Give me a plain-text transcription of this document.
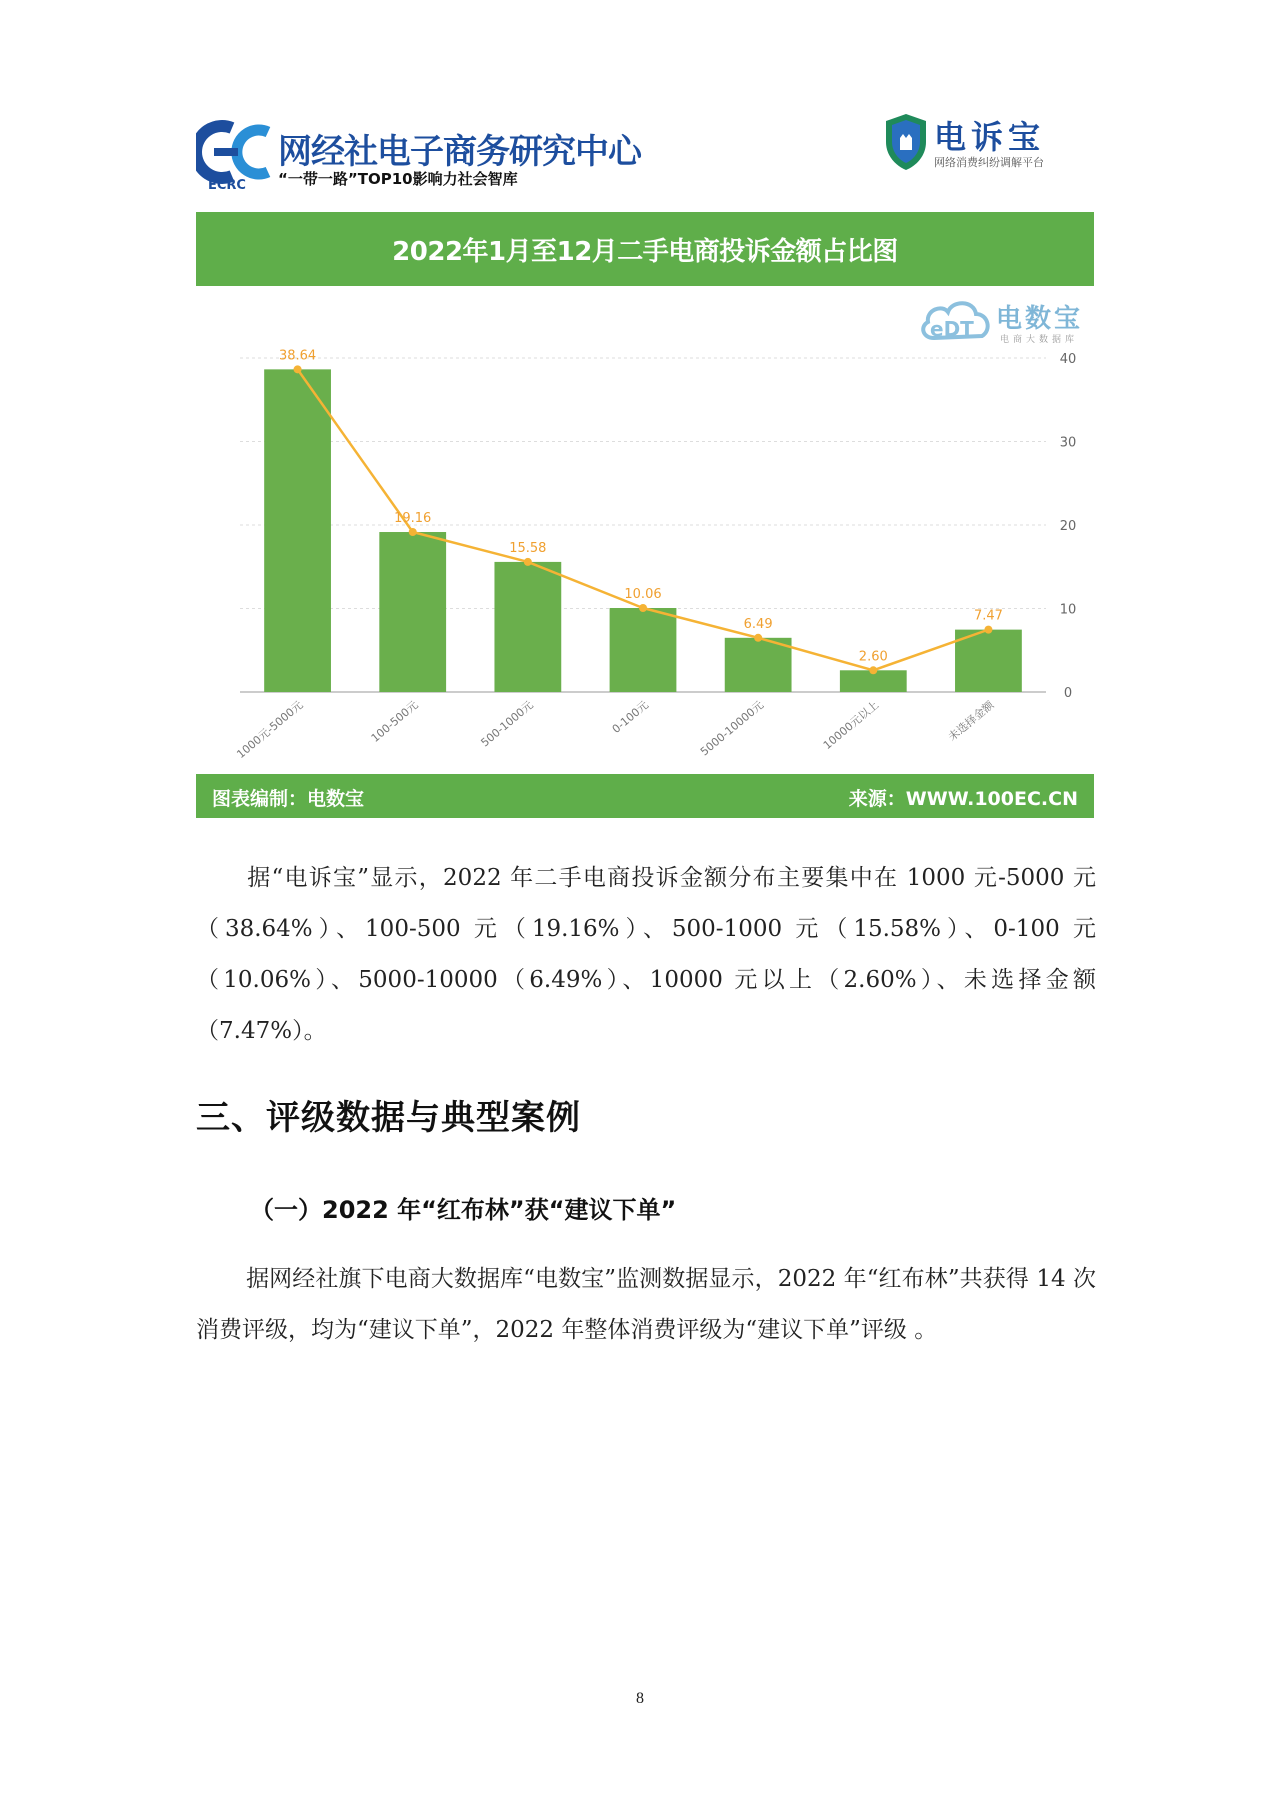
ECRC
网经社电子商务研究中心
“一带一路”TOP10影响力社会智库
电诉宝
网络消费纠纷调解平台
2022年1月至12月二手电商投诉金额占比图
eDT 电数宝
电商大数据库
0
10
20
30
40
38.64
19.16
15.58
10.06
6.49
2.60
7.47
1000元-5000元	100-500元	500-1000元	0-100元	5000-10000元	10000元以上	未选择金额
图表编制：电数宝	来源：WWW.100EC.CN
据“电诉宝”显示，2022 年二手电商投诉金额分布主要集中在 1000 元-5000 元（38.64%）、100-500 元（19.16%）、500-1000 元（15.58%）、0-100 元（10.06%）、5000-10000（6.49%）、10000 元以上（2.60%）、未选择金额（7.47%）。
三、评级数据与典型案例
（一）2022 年“红布林”获“建议下单”
据网经社旗下电商大数据库“电数宝”监测数据显示，2022 年“红布林”共获得 14 次消费评级，均为“建议下单”，2022 年整体消费评级为“建议下单”评级 。
8
